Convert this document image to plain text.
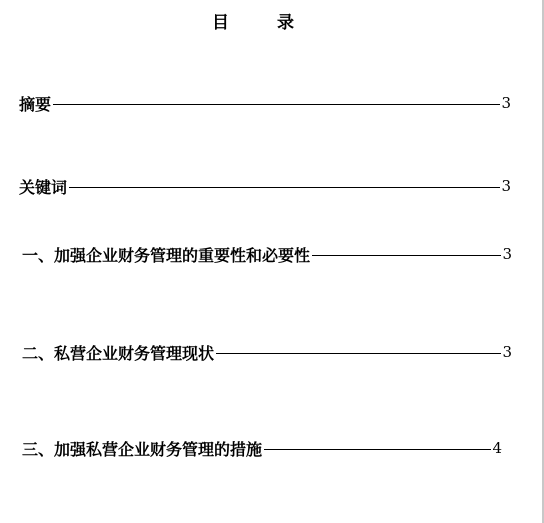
目	录
摘要	3
关键词	3
一、加强企业财务管理的重要性和必要性	3
二、私营企业财务管理现状	3
三、加强私营企业财务管理的措施	4
